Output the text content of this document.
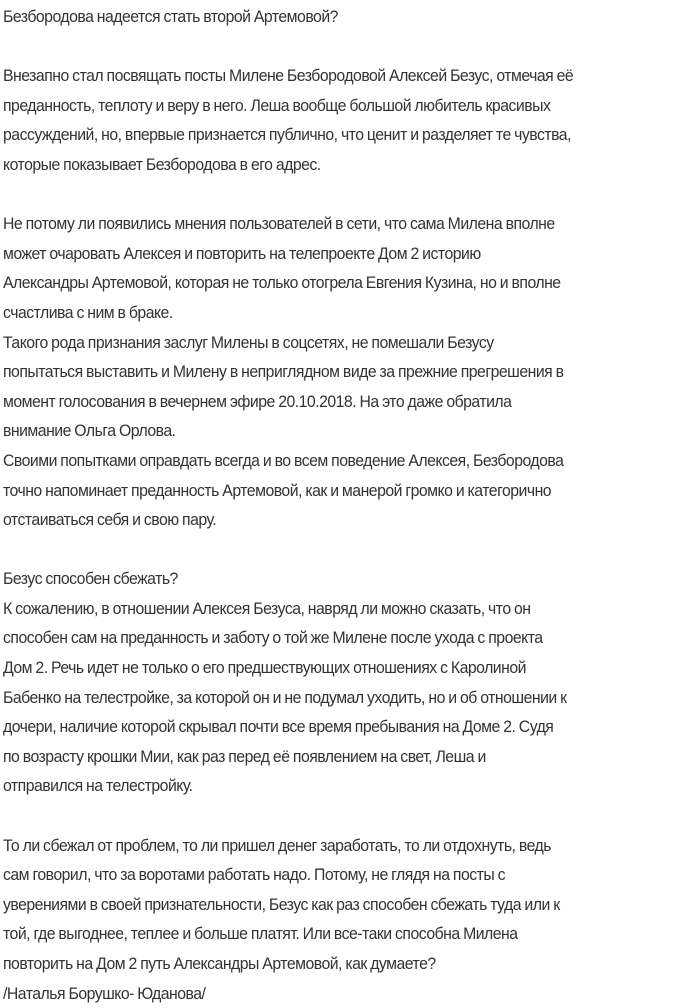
Безбородова надеется стать второй Артемовой?
Внезапно стал посвящать посты Милене Безбородовой Алексей Безус, отмечая её
преданность, теплоту и веру в него. Леша вообще большой любитель красивых
рассуждений, но, впервые признается публично, что ценит и разделяет те чувства,
которые показывает Безбородова в его адрес.
Не потому ли появились мнения пользователей в сети, что сама Милена вполне
может очаровать Алексея и повторить на телепроекте Дом 2 историю
Александры Артемовой, которая не только отогрела Евгения Кузина, но и вполне
счастлива с ним в браке.
Такого рода признания заслуг Милены в соцсетях, не помешали Безусу
попытаться выставить и Милену в неприглядном виде за прежние прегрешения в
момент голосования в вечернем эфире 20.10.2018. На это даже обратила
внимание Ольга Орлова.
Своими попытками оправдать всегда и во всем поведение Алексея, Безбородова
точно напоминает преданность Артемовой, как и манерой громко и категорично
отстаиваться себя и свою пару.
Безус способен сбежать?
К сожалению, в отношении Алексея Безуса, навряд ли можно сказать, что он
способен сам на преданность и заботу о той же Милене после ухода с проекта
Дом 2. Речь идет не только о его предшествующих отношениях с Каролиной
Бабенко на телестройке, за которой он и не подумал уходить, но и об отношении к
дочери, наличие которой скрывал почти все время пребывания на Доме 2. Судя
по возрасту крошки Мии, как раз перед её появлением на свет, Леша и
отправился на телестройку.
То ли сбежал от проблем, то ли пришел денег заработать, то ли отдохнуть, ведь
сам говорил, что за воротами работать надо. Потому, не глядя на посты с
уверениями в своей признательности, Безус как раз способен сбежать туда или к
той, где выгоднее, теплее и больше платят. Или все-таки способна Милена
повторить на Дом 2 путь Александры Артемовой, как думаете?
/Наталья Борушко- Юданова/
